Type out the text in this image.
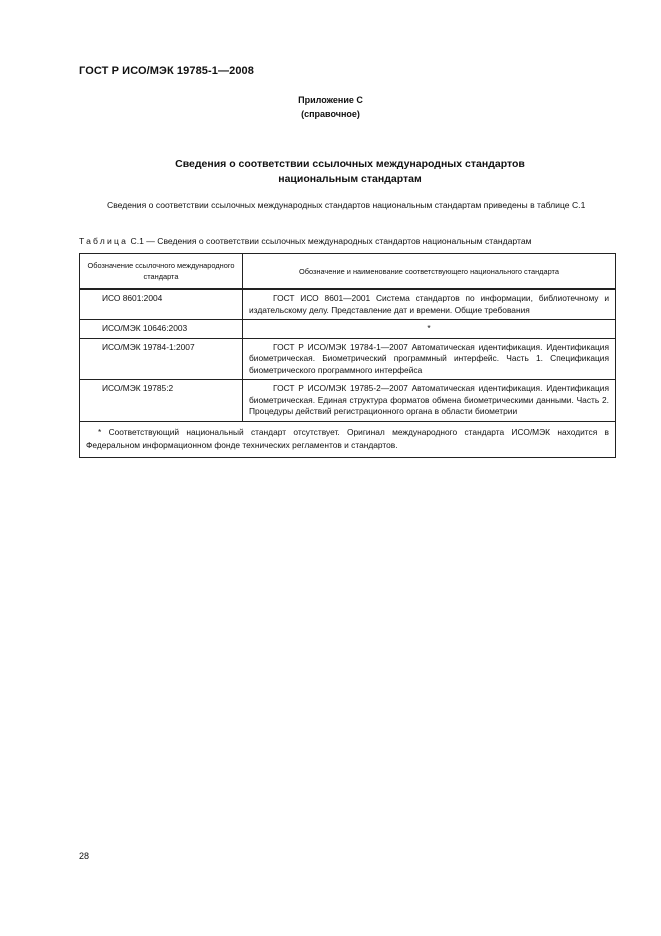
ГОСТ Р ИСО/МЭК 19785-1—2008
Приложение С
(справочное)
Сведения о соответствии ссылочных международных стандартов
национальным стандартам
Сведения о соответствии ссылочных международных стандартов национальным стандартам приведены в таблице С.1
Таблица С.1 — Сведения о соответствии ссылочных международных стандартов национальным стандартам
Обозначение ссылочного международного стандарта	Обозначение и наименование соответствующего национального стандарта
ИСО 8601:2004	ГОСТ ИСО 8601—2001 Система стандартов по информации, библиотечному и издательскому делу. Представление дат и времени. Общие требования
ИСО/МЭК 10646:2003	*
ИСО/МЭК 19784-1:2007	ГОСТ Р ИСО/МЭК 19784-1—2007 Автоматическая идентификация. Идентификация биометрическая. Биометрический программный интерфейс. Часть 1. Спецификация биометрического программного интерфейса
ИСО/МЭК 19785:2	ГОСТ Р ИСО/МЭК 19785-2—2007 Автоматическая идентификация. Идентификация биометрическая. Единая структура форматов обмена биометрическими данными. Часть 2. Процедуры действий регистрационного органа в области биометрии
* Соответствующий национальный стандарт отсутствует. Оригинал международного стандарта ИСО/МЭК находится в Федеральном информационном фонде технических регламентов и стандартов.	
28
